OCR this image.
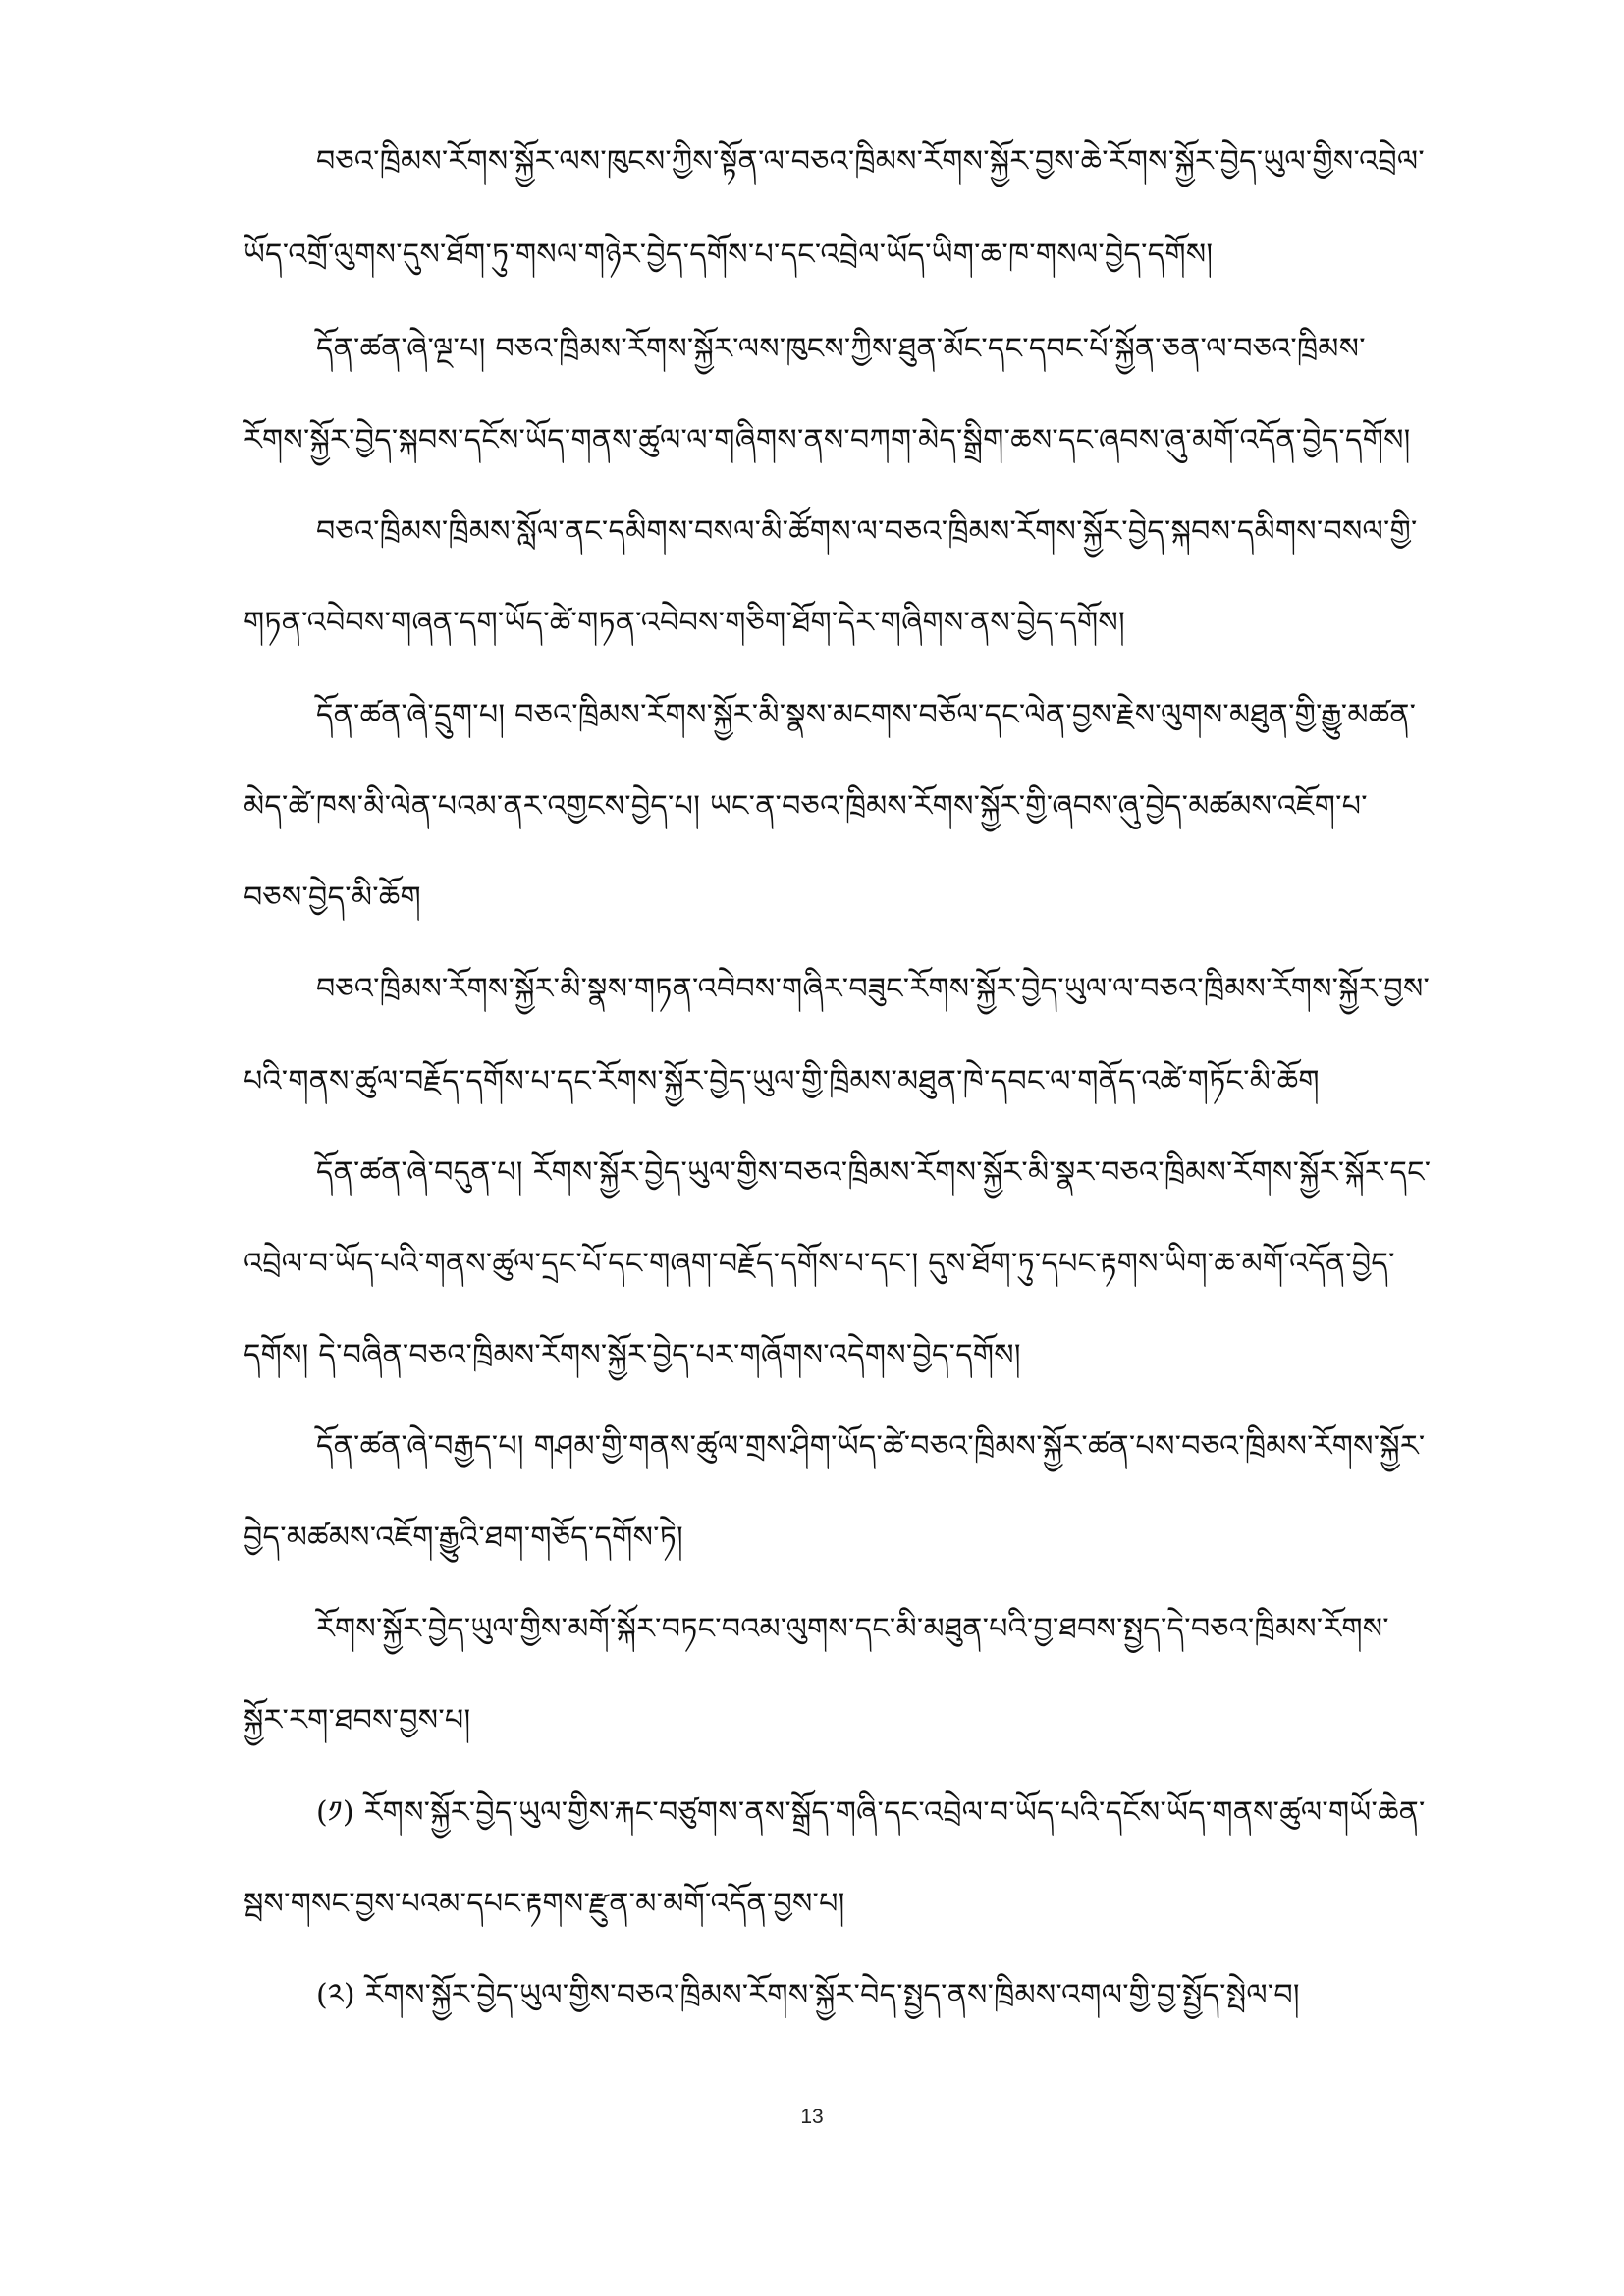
བཅའ་ཁྲིམས་རོགས་སྐྱོར་ལས་ཁུངས་ཀྱིས་སྟོན་ལ་བཅའ་ཁྲིམས་རོགས་སྐྱོར་བྱས་ཆེ་རོགས་སྐྱོར་བྱེད་ཡུལ་གྱིས་འབྲེལ་
ཡོད་འགྲོ་ལུགས་དུས་ཐོག་ཏུ་གསལ་གཉེར་བྱེད་དགོས་པ་དང་འབྲེལ་ཡོད་ཡིག་ཆ་ཁ་གསལ་བྱེད་དགོས།
དོན་ཚན་ཞེ་ལྔ་པ། བཅའ་ཁྲིམས་རོགས་སྐྱོར་ལས་ཁུངས་ཀྱིས་ཐུན་མོང་དང་དབང་པོ་སྐྱོན་ཅན་ལ་བཅའ་ཁྲིམས་
རོགས་སྐྱོར་བྱེད་སྐབས་དངོས་ཡོད་གནས་ཚུལ་ལ་གཞིགས་ནས་བཀག་མེད་སྒྲིག་ཆས་དང་ཞབས་ཞུ་མགོ་འདོན་བྱེད་དགོས།
བཅའ་ཁྲིམས་ཁྲིམས་སློལ་ནང་དམིགས་བསལ་མི་ཚོགས་ལ་བཅའ་ཁྲིམས་རོགས་སྐྱོར་བྱེད་སྐབས་དམིགས་བསལ་གྱི་
གཏན་འབེབས་གཞན་དག་ཡོད་ཚེ་གཏན་འབེབས་གཅིག་ཐོག་དེར་གཞིགས་ནས་བྱེད་དགོས།
དོན་ཚན་ཞེ་དྲུག་པ། བཅའ་ཁྲིམས་རོགས་སྐྱོར་མི་སྣས་མངགས་བཅོལ་དང་ལེན་བྱས་རྗེས་ལུགས་མཐུན་གྱི་རྒྱུ་མཚན་
མེད་ཚེ་ཁས་མི་ལེན་པའམ་ནར་འགྱངས་བྱེད་པ། ཡང་ན་བཅའ་ཁྲིམས་རོགས་སྐྱོར་གྱི་ཞབས་ཞུ་བྱེད་མཚམས་འཇོག་པ་
བཅས་བྱེད་མི་ཆོག
བཅའ་ཁྲིམས་རོགས་སྐྱོར་མི་སྣས་གཏན་འབེབས་གཞིར་བཟུང་རོགས་སྐྱོར་བྱེད་ཡུལ་ལ་བཅའ་ཁྲིམས་རོགས་སྐྱོར་བྱས་
པའི་གནས་ཚུལ་བརྗོད་དགོས་པ་དང་རོགས་སྐྱོར་བྱེད་ཡུལ་གྱི་ཁྲིམས་མཐུན་ཁེ་དབང་ལ་གནོད་འཚེ་གཏོང་མི་ཆོག
དོན་ཚན་ཞེ་བདུན་པ། རོགས་སྐྱོར་བྱེད་ཡུལ་གྱིས་བཅའ་ཁྲིམས་རོགས་སྐྱོར་མི་སྣར་བཅའ་ཁྲིམས་རོགས་སྐྱོར་སྐོར་དང་
འབྲེལ་བ་ཡོད་པའི་གནས་ཚུལ་དྲང་པོ་དང་གཞག་བརྗོད་དགོས་པ་དང་། དུས་ཐོག་ཏུ་དཔང་རྟགས་ཡིག་ཆ་མགོ་འདོན་བྱེད་
དགོས། དེ་བཞིན་བཅའ་ཁྲིམས་རོགས་སྐྱོར་བྱེད་པར་གཞོགས་འདེགས་བྱེད་དགོས།
དོན་ཚན་ཞེ་བརྒྱད་པ། གཤམ་གྱི་གནས་ཚུལ་གྲས་ཤིག་ཡོད་ཚེ་བཅའ་ཁྲིམས་སྐྱོར་ཚན་པས་བཅའ་ཁྲིམས་རོགས་སྐྱོར་
བྱེད་མཚམས་འཇོག་རྒྱུའི་ཐག་གཅོད་དགོས་ཏེ།
རོགས་སྐྱོར་བྱེད་ཡུལ་གྱིས་མགོ་སྐོར་བཏང་བའམ་ལུགས་དང་མི་མཐུན་པའི་བྱ་ཐབས་སྤྱད་དེ་བཅའ་ཁྲིམས་རོགས་
སྐྱོར་རག་ཐབས་བྱས་པ།
(༡) རོགས་སྐྱོར་བྱེད་ཡུལ་གྱིས་རྐང་བཙུགས་ནས་སྒྲོད་གཞི་དང་འབྲེལ་བ་ཡོད་པའི་དངོས་ཡོད་གནས་ཚུལ་གཡོ་ཆེན་
སྦས་གསང་བྱས་པའམ་དཔང་རྟགས་རྫུན་མ་མགོ་འདོན་བྱས་པ།
(༢) རོགས་སྐྱོར་བྱེད་ཡུལ་གྱིས་བཅའ་ཁྲིམས་རོགས་སྐྱོར་བེད་སྤྱད་ནས་ཁྲིམས་འགལ་གྱི་བྱ་སྤྱོད་སྤེལ་བ།
13
